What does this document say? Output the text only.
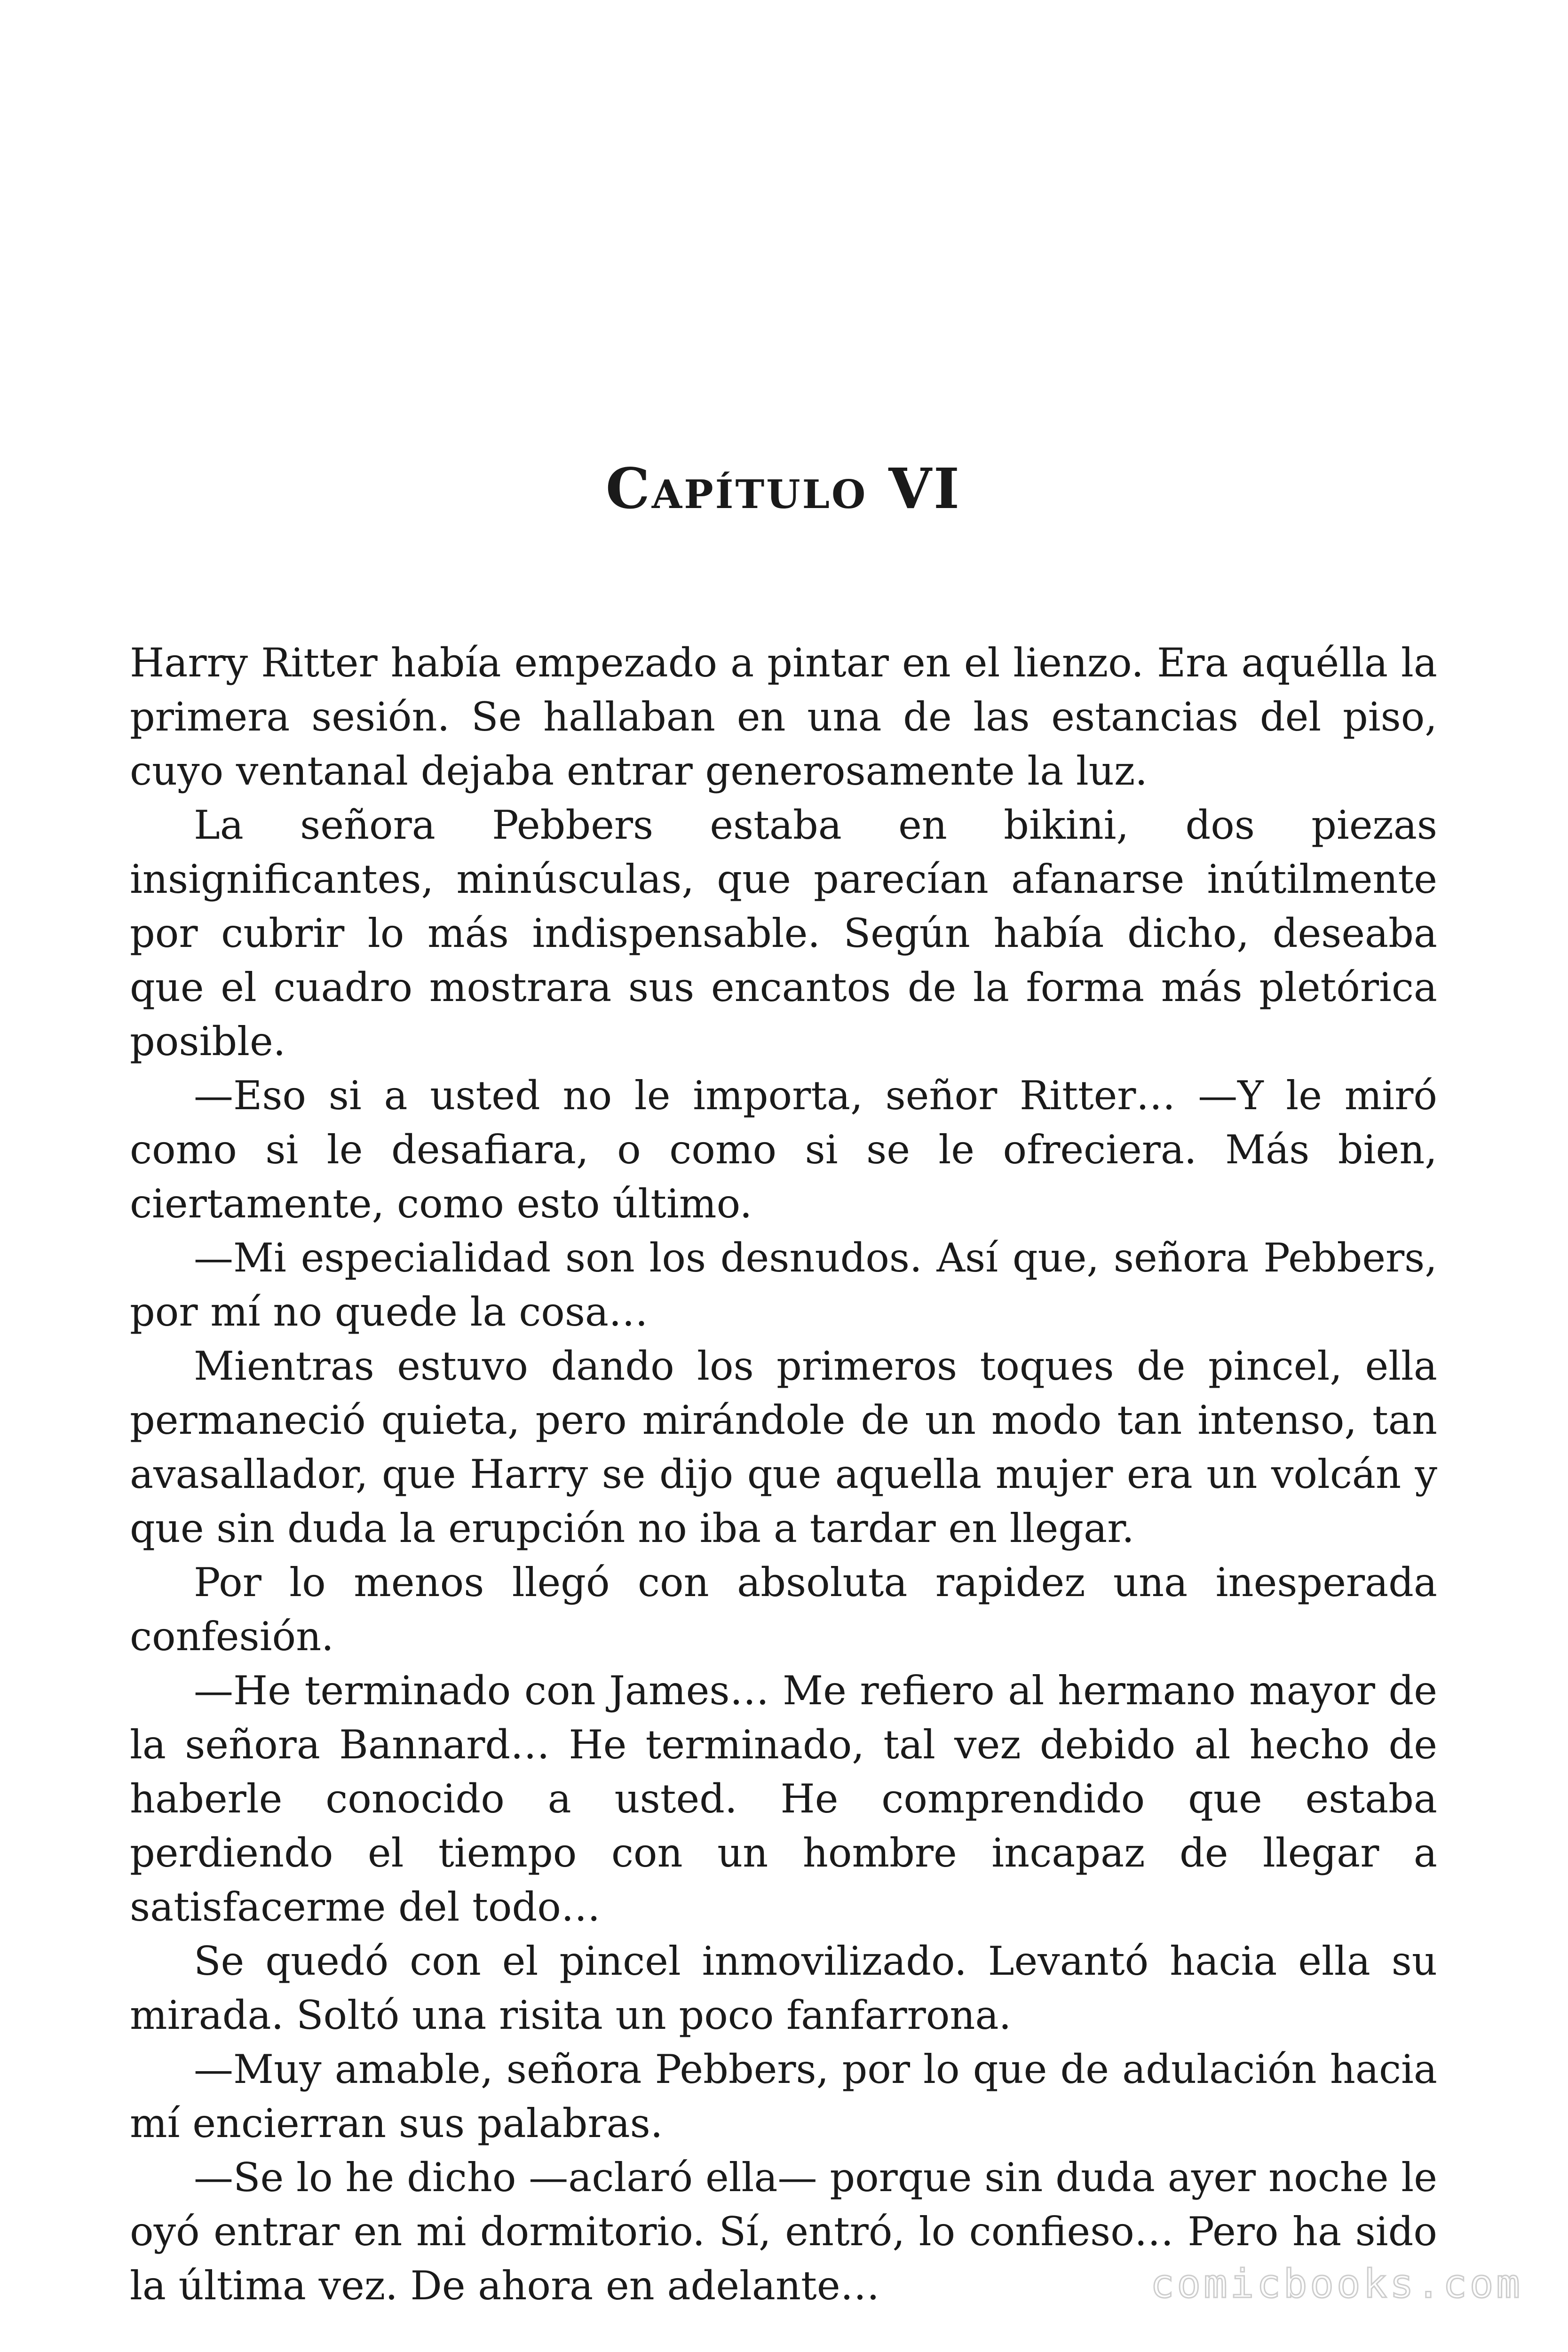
Capítulo VI

Harry Ritter había empezado a pintar en el lienzo. Era aquélla la primera sesión. Se hallaban en una de las estancias del piso, cuyo ventanal dejaba entrar generosamente la luz.

La señora Pebbers estaba en bikini, dos piezas insignificantes, minúsculas, que parecían afanarse inútilmente por cubrir lo más indispensable. Según había dicho, deseaba que el cuadro mostrara sus encantos de la forma más pletórica posible.

—Eso si a usted no le importa, señor Ritter… —Y le miró como si le desafiara, o como si se le ofreciera. Más bien, ciertamente, como esto último.

—Mi especialidad son los desnudos. Así que, señora Pebbers, por mí no quede la cosa…

Mientras estuvo dando los primeros toques de pincel, ella permaneció quieta, pero mirándole de un modo tan intenso, tan avasallador, que Harry se dijo que aquella mujer era un volcán y que sin duda la erupción no iba a tardar en llegar.

Por lo menos llegó con absoluta rapidez una inesperada confesión.

—He terminado con James… Me refiero al hermano mayor de la señora Bannard… He terminado, tal vez debido al hecho de haberle conocido a usted. He comprendido que estaba perdiendo el tiempo con un hombre incapaz de llegar a satisfacerme del todo…

Se quedó con el pincel inmovilizado. Levantó hacia ella su mirada. Soltó una risita un poco fanfarrona.

—Muy amable, señora Pebbers, por lo que de adulación hacia mí encierran sus palabras.

—Se lo he dicho —aclaró ella— porque sin duda ayer noche le oyó entrar en mi dormitorio. Sí, entró, lo confieso… Pero ha sido la última vez. De ahora en adelante…	comicbooks.com
